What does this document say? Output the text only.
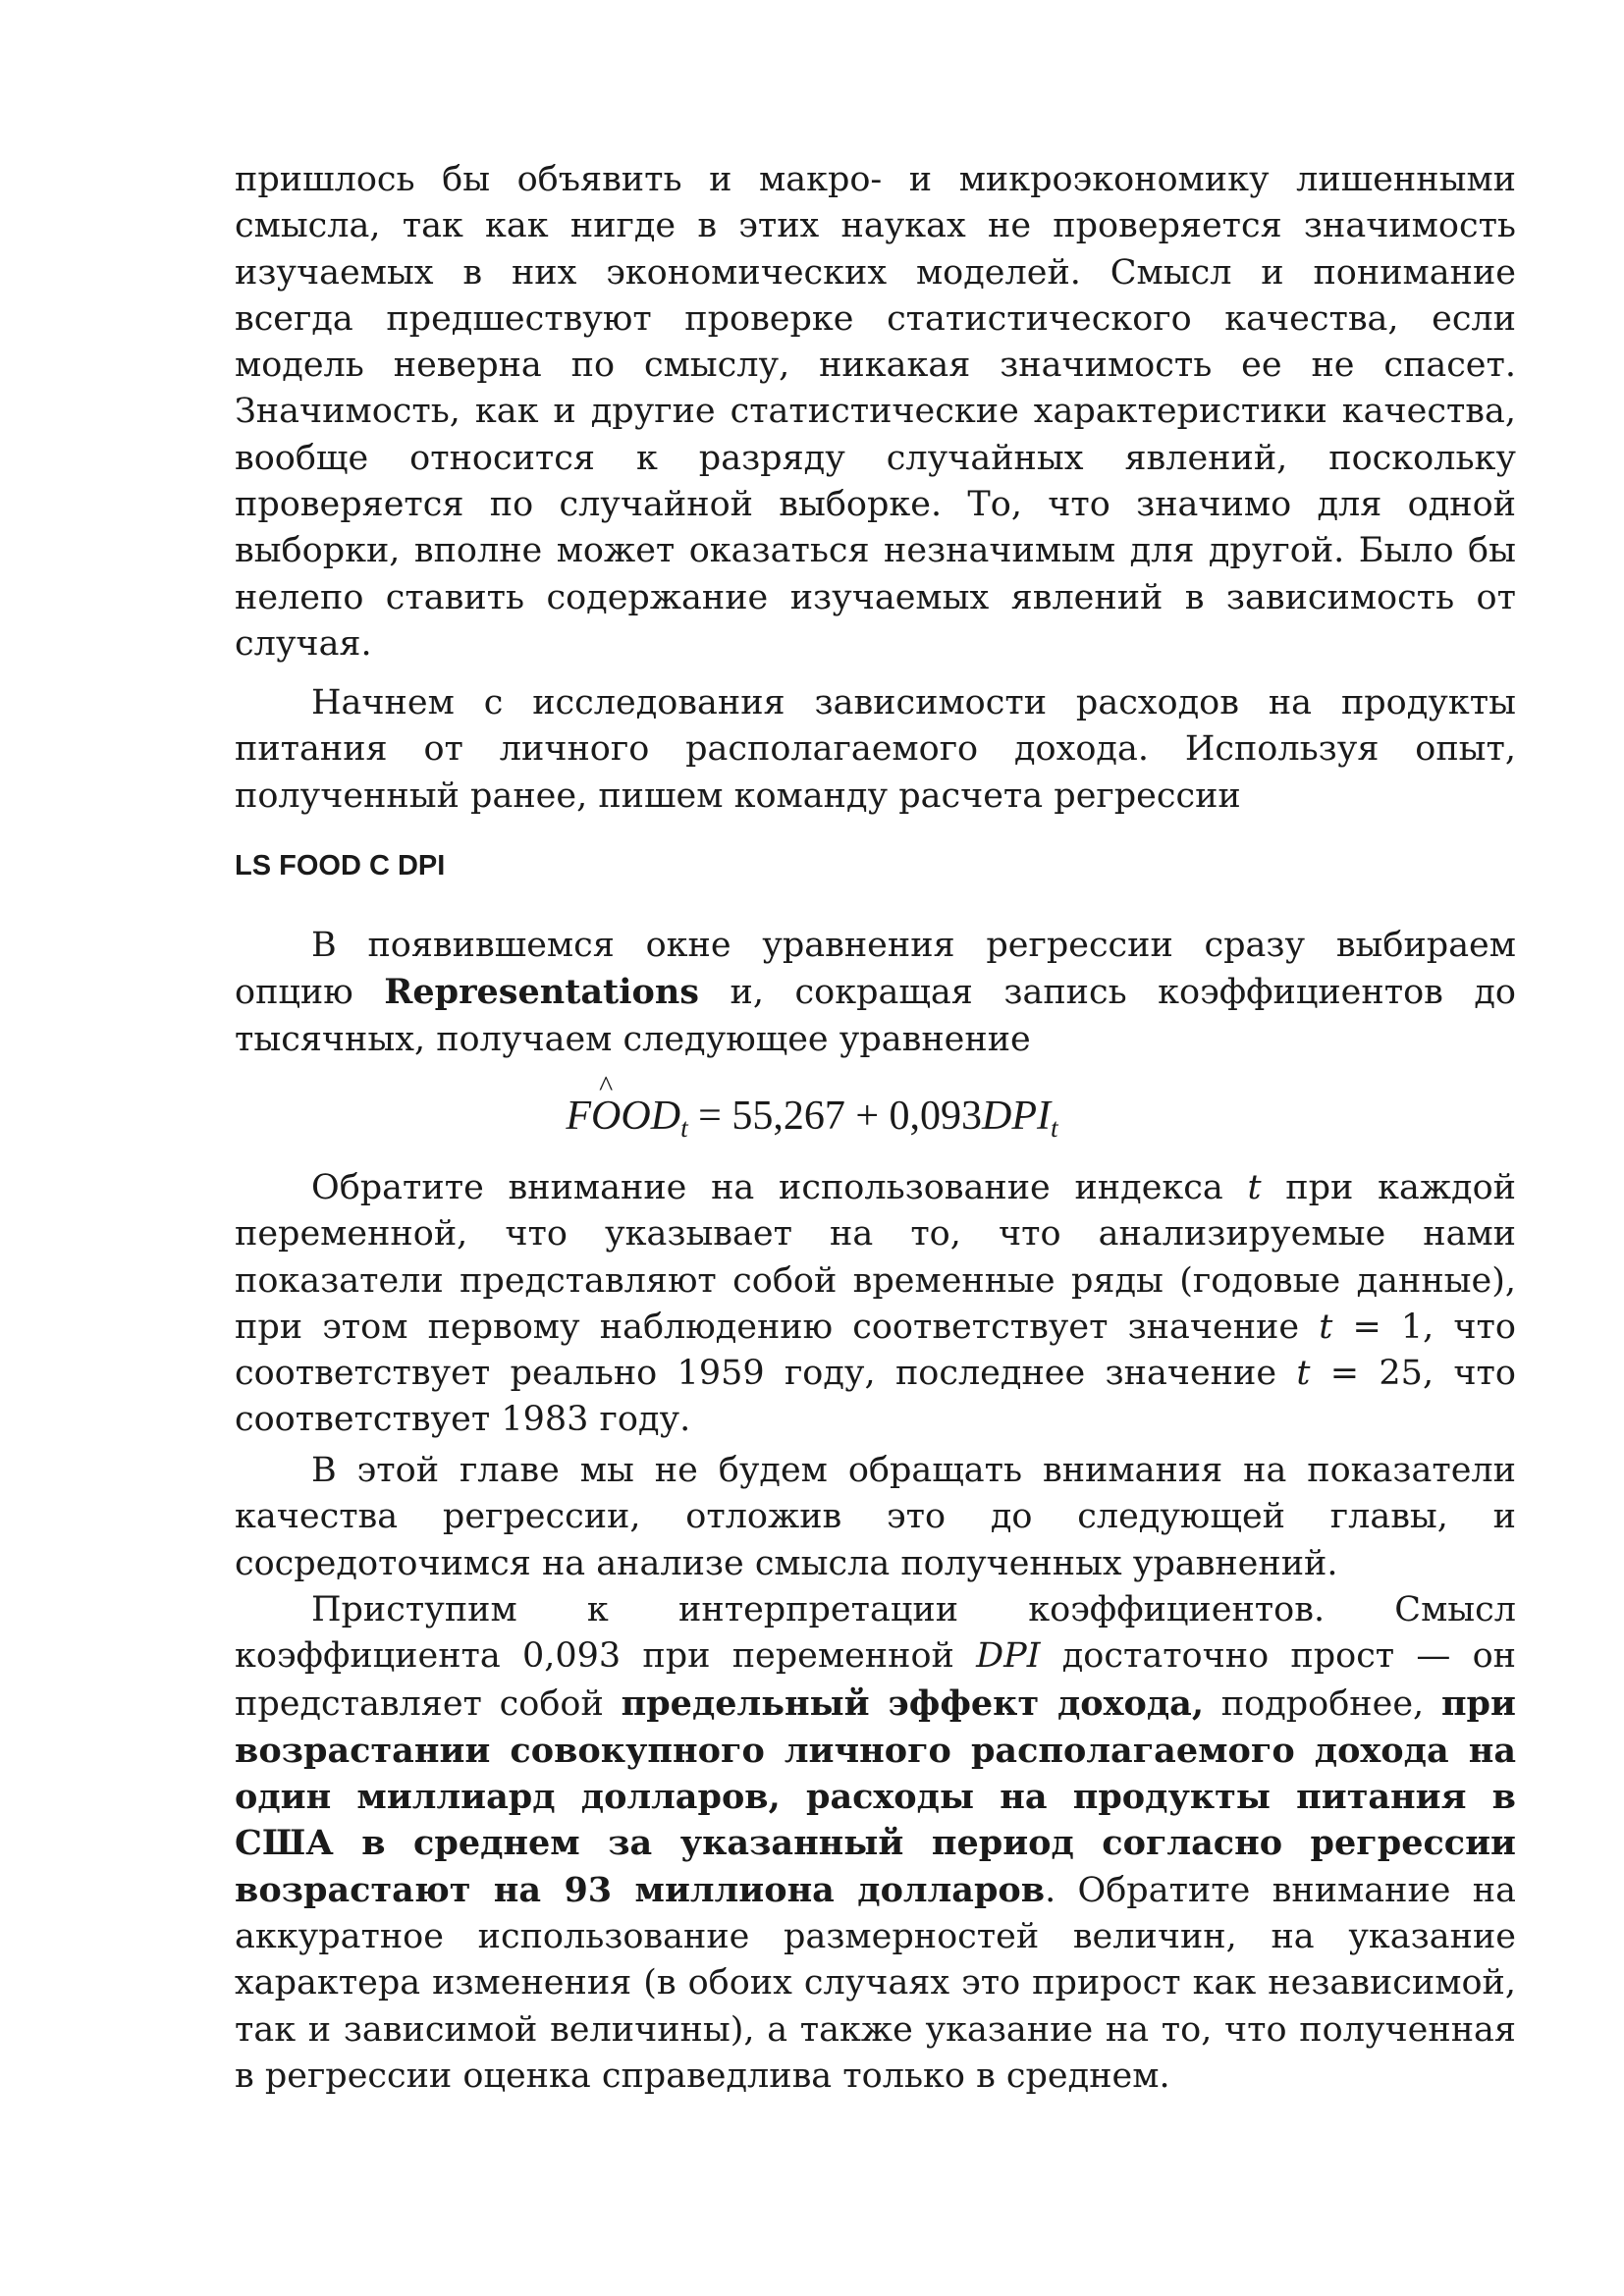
пришлось бы объявить и макро- и микроэкономику лишенными
смысла, так как нигде в этих науках не проверяется значимость
изучаемых в них экономических моделей. Смысл и понимание
всегда предшествуют проверке статистического качества, если
модель неверна по смыслу, никакая значимость ее не спасет.
Значимость, как и другие статистические характеристики качества,
вообще относится к разряду случайных явлений, поскольку
проверяется по случайной выборке. То, что значимо для одной
выборки, вполне может оказаться незначимым для другой. Было бы
нелепо ставить содержание изучаемых явлений в зависимость от
случая.
Начнем с исследования зависимости расходов на продукты
питания от личного располагаемого дохода. Используя опыт,
полученный ранее, пишем команду расчета регрессии
LS FOOD C DPI
В появившемся окне уравнения регрессии сразу выбираем
опцию Representations и, сокращая запись коэффициентов до
тысячных, получаем следующее уравнение
F
^
$OOD_t = 55,267 + 0,093DPI_t$
Обратите внимание на использование индекса t при каждой
переменной, что указывает на то, что анализируемые нами
показатели представляют собой временные ряды (годовые данные),
при этом первому наблюдению соответствует значение t = 1, что
соответствует реально 1959 году, последнее значение t = 25, что
соответствует 1983 году.
В этой главе мы не будем обращать внимания на показатели
качества регрессии, отложив это до следующей главы, и
сосредоточимся на анализе смысла полученных уравнений.
Приступим к интерпретации коэффициентов. Смысл
коэффициента 0,093 при переменной DPI достаточно прост — он
представляет собой предельный эффект дохода, подробнее, при
возрастании совокупного личного располагаемого дохода на
один миллиард долларов, расходы на продукты питания в
США в среднем за указанный период согласно регрессии
возрастают на 93 миллиона долларов. Обратите внимание на
аккуратное использование размерностей величин, на указание
характера изменения (в обоих случаях это прирост как независимой,
так и зависимой величины), а также указание на то, что полученная
в регрессии оценка справедлива только в среднем.
